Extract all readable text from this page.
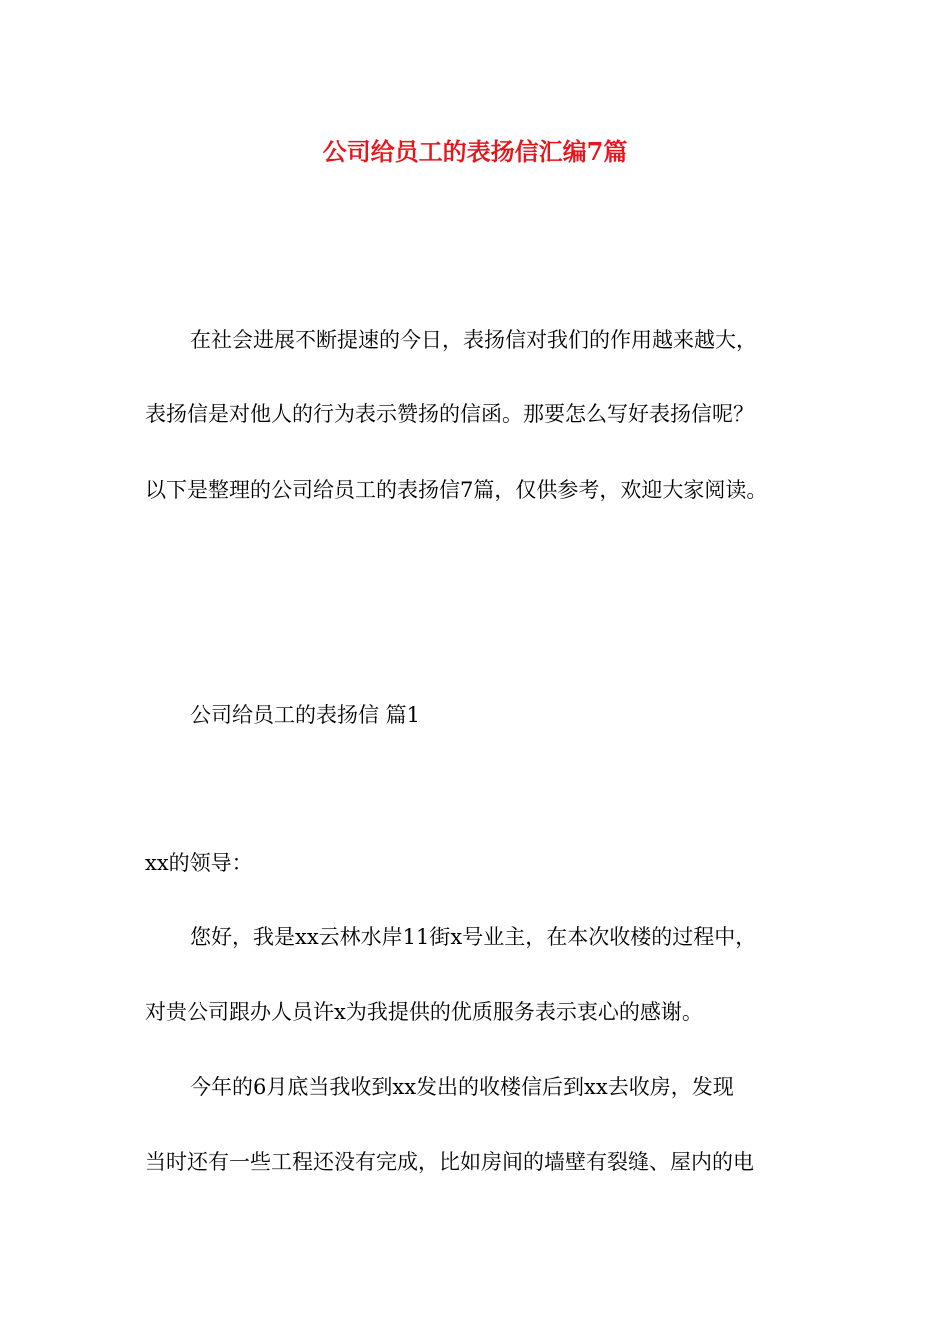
公司给员工的表扬信汇编7篇
在社会进展不断提速的今日，表扬信对我们的作用越来越大，
表扬信是对他人的行为表示赞扬的信函。那要怎么写好表扬信呢？
以下是整理的公司给员工的表扬信7篇，仅供参考，欢迎大家阅读。
公司给员工的表扬信 篇1
xx的领导：
您好，我是xx云林水岸11街x号业主，在本次收楼的过程中，
对贵公司跟办人员许x为我提供的优质服务表示衷心的感谢。
今年的6月底当我收到xx发出的收楼信后到xx去收房，发现
当时还有一些工程还没有完成，比如房间的墙壁有裂缝、屋内的电
